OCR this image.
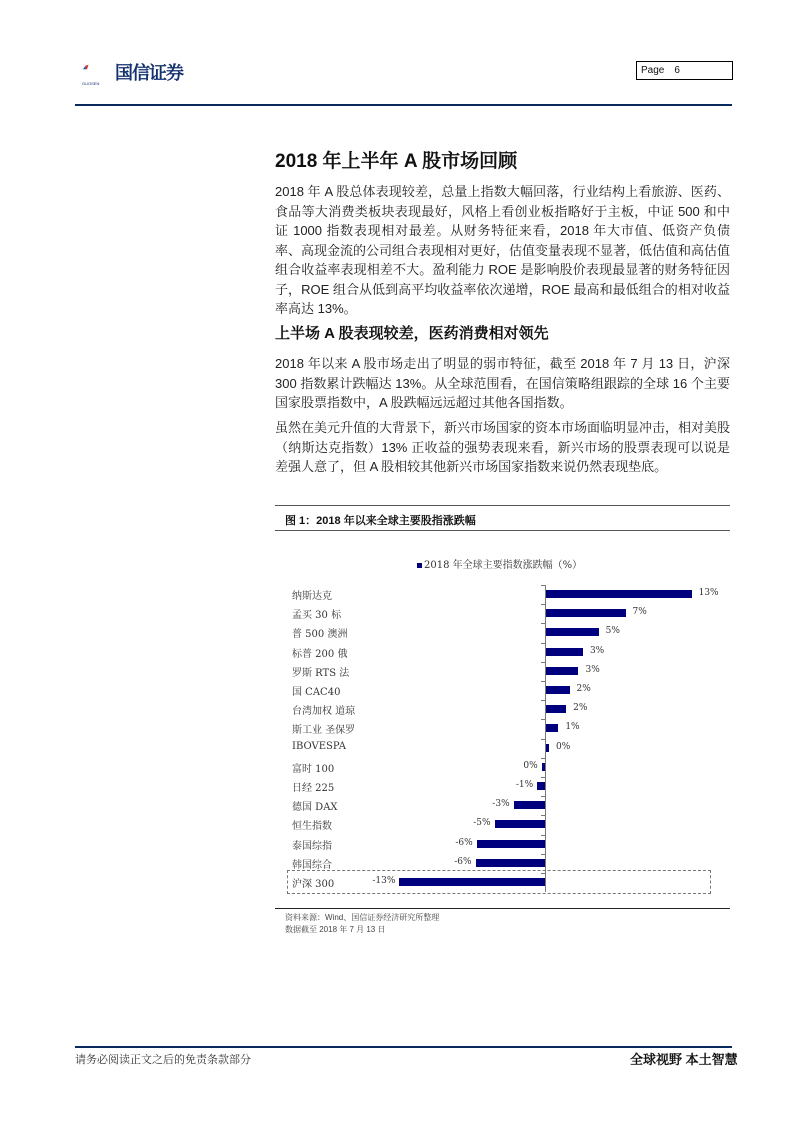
国信证券
GUOSEN
Page 6
2018 年上半年 A 股市场回顾

2018 年 A 股总体表现较差，总量上指数大幅回落，行业结构上看旅游、医药、食品等大消费类板块表现最好，风格上看创业板指略好于主板，中证 500 和中证 1000 指数表现相对最差。从财务特征来看，2018 年大市值、低资产负债率、高现金流的公司组合表现相对更好，估值变量表现不显著，低估值和高估值组合收益率表现相差不大。盈利能力 ROE 是影响股价表现最显著的财务特征因子，ROE 组合从低到高平均收益率依次递增，ROE 最高和最低组合的相对收益率高达 13%。

上半场 A 股表现较差，医药消费相对领先

2018 年以来 A 股市场走出了明显的弱市特征，截至 2018 年 7 月 13 日，沪深 300 指数累计跌幅达 13%。从全球范围看，在国信策略组跟踪的全球 16 个主要国家股票指数中，A 股跌幅远远超过其他各国指数。

虽然在美元升值的大背景下，新兴市场国家的资本市场面临明显冲击，相对美股（纳斯达克指数）13% 正收益的强势表现来看，新兴市场的股票表现可以说是差强人意了，但 A 股相较其他新兴市场国家指数来说仍然表现垫底。

图 1：2018 年以来全球主要股指涨跌幅
2018 年全球主要指数涨跌幅（%）
纳斯达克	13%
孟买 30 标	7%
普 500 澳洲	5%
标普 200 俄	3%
罗斯 RTS 法	3%
国 CAC40	2%
台湾加权 道琼	2%
斯工业 圣保罗	1%
IBOVESPA	0%
富时 100	0%
日经 225	-1%
德国 DAX	-3%
恒生指数	-5%
泰国综指	-6%
韩国综合	-6%
沪深 300	-13%
资料来源：Wind、国信证券经济研究所整理
数据截至 2018 年 7 月 13 日
请务必阅读正文之后的免责条款部分	全球视野 本土智慧
